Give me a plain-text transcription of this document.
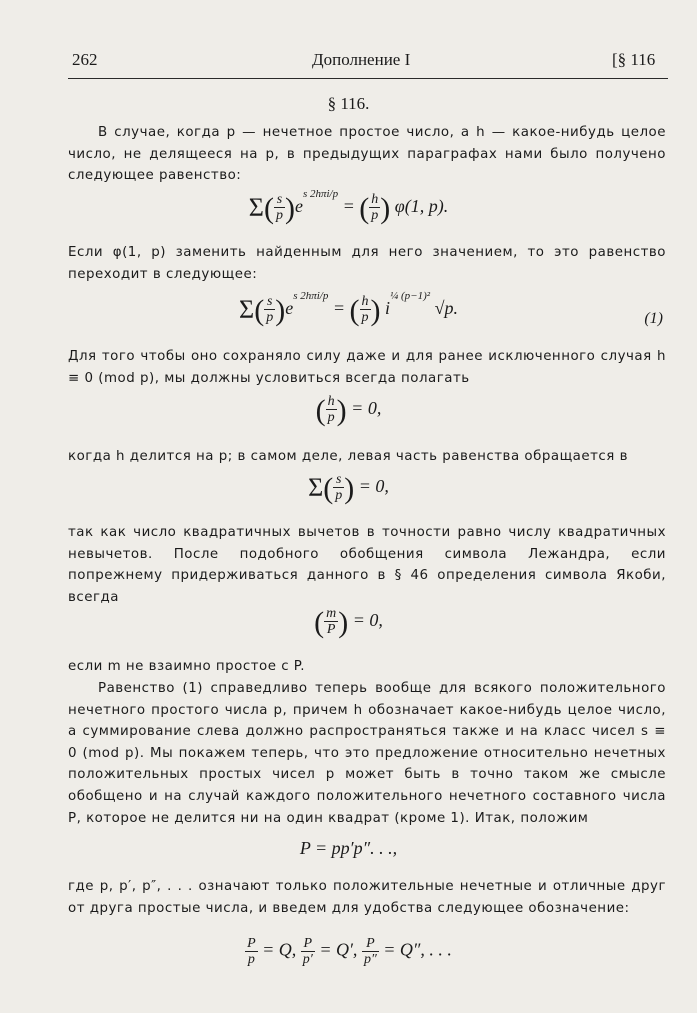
262	Дополнение I	[§ 116
§ 116.
В случае, когда p — нечетное простое число, а h — какое-нибудь целое число, не делящееся на p, в предыдущих параграфах нами было получено следующее равенство:
$\Sigma( \frac{s}{p} )e^{s 2h\pi i/p}$ = ( $\frac{h}{p}$ ) φ(1, p).
Если φ(1, p) заменить найденным для него значением, то это равенство переходит в следующее:
$\Sigma( \frac{s}{p} )e^{s 2h\pi i/p}$ = ( $\frac{h}{p}$ ) $i^{\frac{1}{4} (p-1)^2}$ √p.
(1)
Для того чтобы оно сохраняло силу даже и для ранее исключенного случая h ≡ 0 (mod p), мы должны условиться всегда полагать
( $\frac{h}{p}$ ) = 0,
когда h делится на p; в самом деле, левая часть равенства обращается в
$\Sigma( \frac{s}{p}$ ) = 0,
так как число квадратичных вычетов в точности равно числу квадратичных невычетов. После подобного обобщения символа Лежандра, если попрежнему придерживаться данного в § 46 определения символа Якоби, всегда
( $\frac{m}{P}$ ) = 0,
если m не взаимно простое с P.
Равенство (1) справедливо теперь вообще для всякого положительного нечетного простого числа p, причем h обозначает какое-нибудь целое число, а суммирование слева должно распространяться также и на класс чисел s ≡ 0 (mod p). Мы покажем теперь, что это предложение относительно нечетных положительных простых чисел p может быть в точно таком же смысле обобщено и на случай каждого положительного нечетного составного числа P, которое не делится ни на один квадрат (кроме 1). Итак, положим
P = pp′p″. . .,
где p, p′, p″, . . . означают только положительные нечетные и отличные друг от друга простые числа, и введем для удобства следующее обозначение:
$\frac{P}{p} = Q$, $\frac{P}{p'} = Q'$, $\frac{P}{p''} = Q''$, . . .
